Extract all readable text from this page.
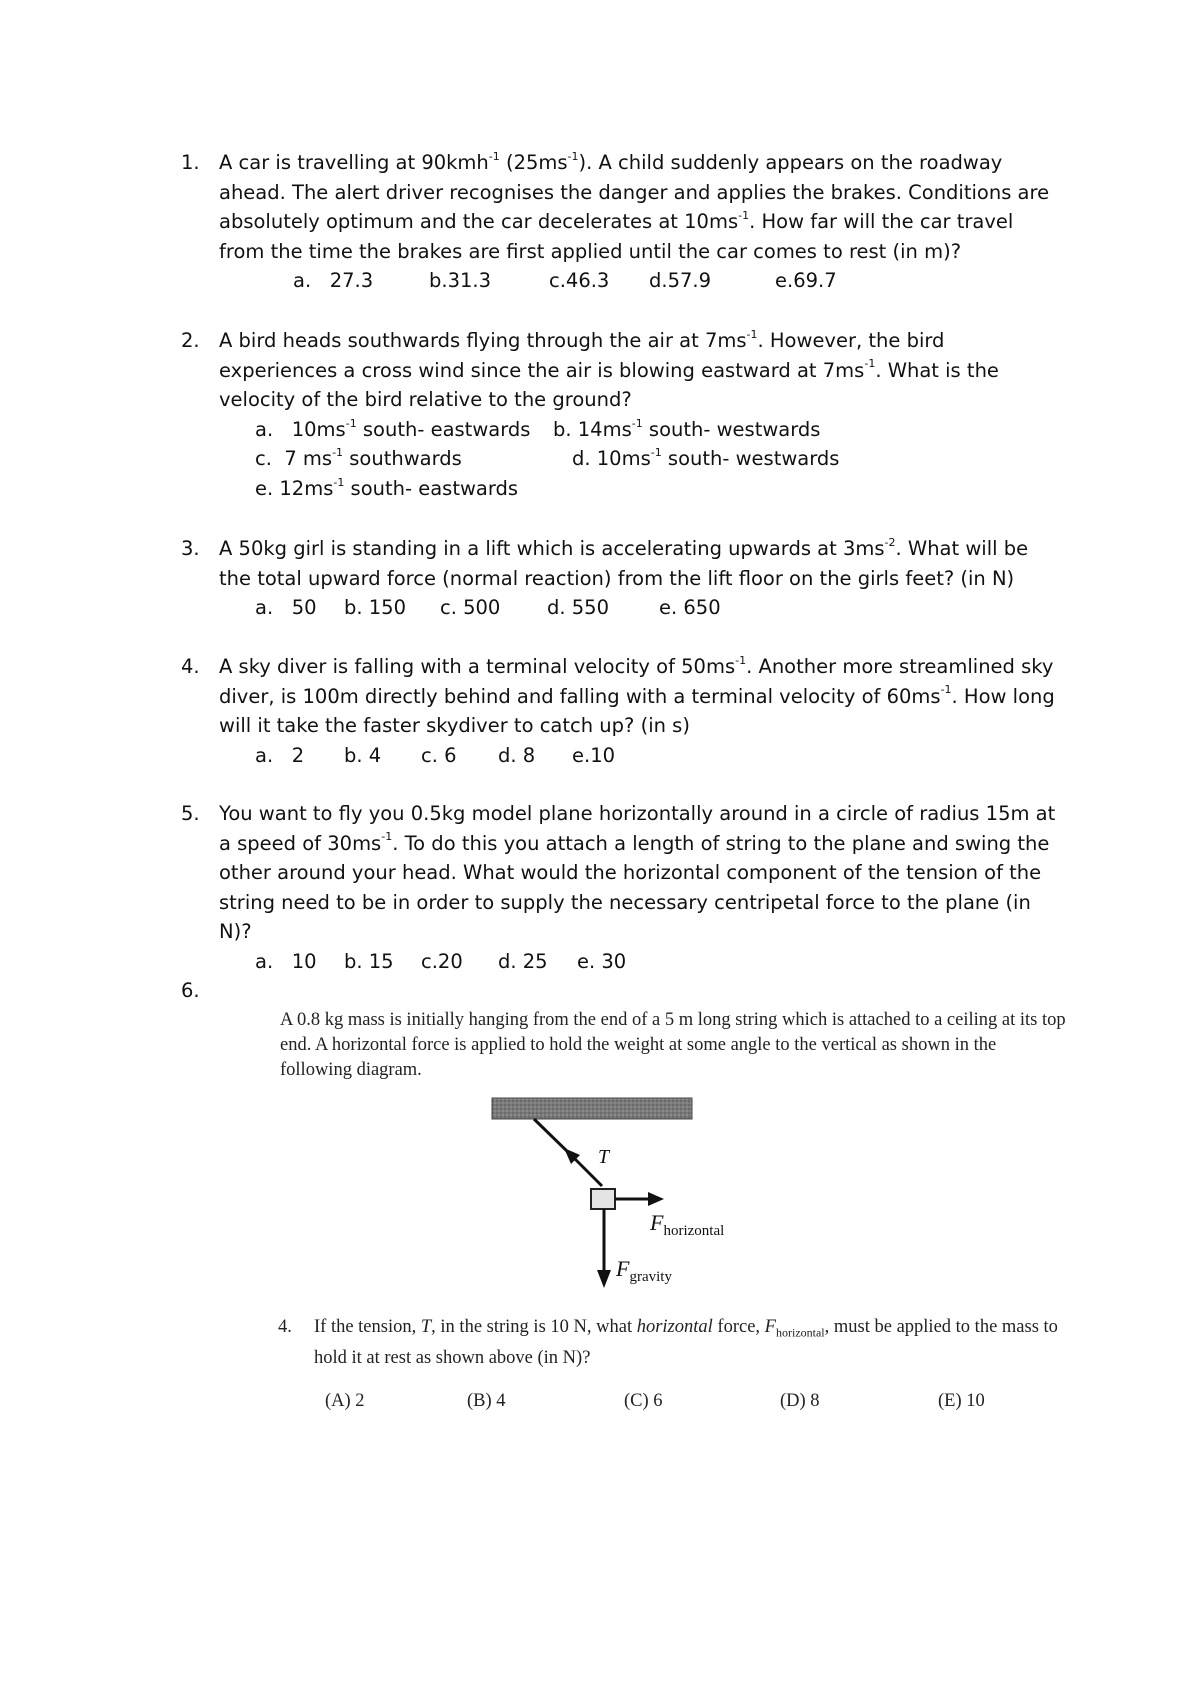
1. A car is travelling at 90kmh$^{-1}$ $(25ms^{-1})$. A child suddenly appears on the roadway
ahead. The alert driver recognises the danger and applies the brakes. Conditions are
absolutely optimum and the car decelerates at $10ms^{-1}$. How far will the car travel
from the time the brakes are first applied until the car comes to rest (in m)?
a.   27.3	b.31.3	c.46.3 d.57.9	e.69.7
2. A bird heads southwards flying through the air at $7ms^{-1}$. However, the bird
experiences a cross wind since the air is blowing eastward at $7ms^{-1}$. What is the
velocity of the bird relative to the ground?
a.   $10ms^{-1}$ south- eastwards b. $14ms^{-1}$ south- westwards
c.  7 $ms^{-1}$ southwards	d. $10ms^{-1}$ south- westwards
e. $12ms^{-1}$ south- eastwards
3. A 50kg girl is standing in a lift which is accelerating upwards at $3ms^{-2}$. What will be
the total upward force (normal reaction) from the lift floor on the girls feet? (in N)
a.   50 b. 150 c. 500 d. 550	e. 650
4. A sky diver is falling with a terminal velocity of $50ms^{-1}$. Another more streamlined sky
diver, is 100m directly behind and falling with a terminal velocity of $60ms^{-1}$. How long
will it take the faster skydiver to catch up? (in s)
a.   2 b. 4 c. 6 d. 8 e.10
5. You want to fly you 0.5kg model plane horizontally around in a circle of radius 15m at
a speed of $30ms^{-1}$. To do this you attach a length of string to the plane and swing the
other around your head. What would the horizontal component of the tension of the
string need to be in order to supply the necessary centripetal force to the plane (in
N)?
a.   10 b. 15 c.20 d. 25 e. 30
6.
A 0.8 kg mass is initially hanging from the end of a 5 m long string which is attached to a ceiling at its top end. A horizontal force is applied to hold the weight at some angle to the vertical as shown in the following diagram.
T
Fhorizontal
Fgravity
4. If the tension, T, in the string is 10 N, what horizontal force, $F_{horizontal}$, must be applied to the mass to hold it at rest as shown above (in N)?
(A) 2	(B) 4	(C) 6	(D) 8	(E) 10
